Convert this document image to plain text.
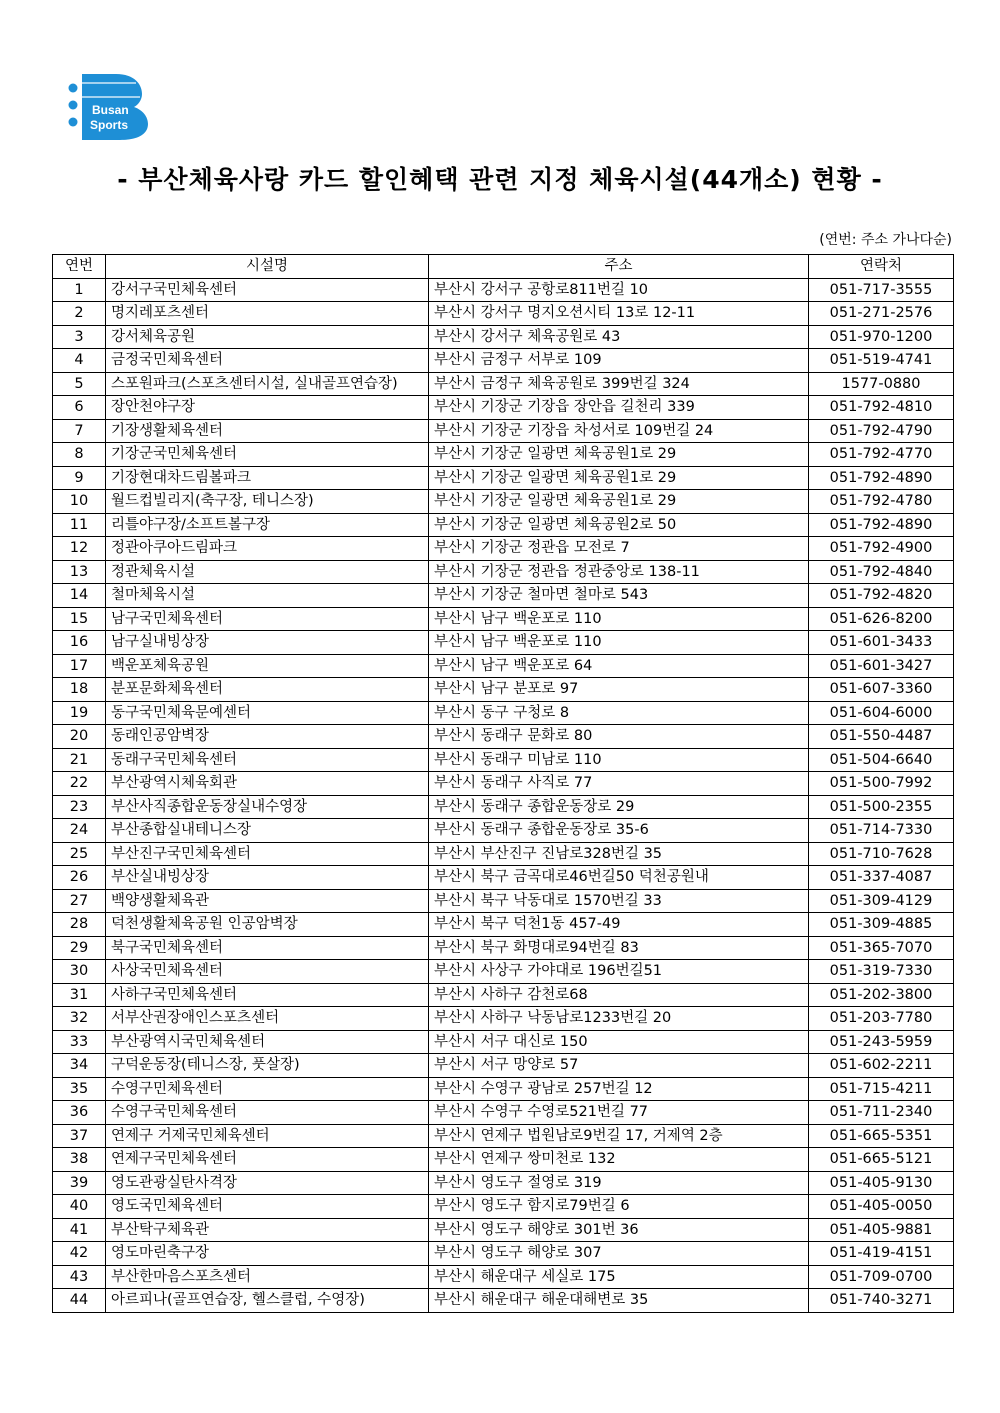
Busan
Sports
- 부산체육사랑 카드 할인혜택 관련 지정 체육시설(44개소) 현황 -
(연번: 주소 가나다순)
연번	시설명	주소	연락처
1	강서구국민체육센터	부산시 강서구 공항로811번길 10	051-717-3555
2	명지레포츠센터	부산시 강서구 명지오션시티 13로 12-11	051-271-2576
3	강서체육공원	부산시 강서구 체육공원로 43	051-970-1200
4	금정국민체육센터	부산시 금정구 서부로 109	051-519-4741
5	스포원파크(스포츠센터시설, 실내골프연습장)	부산시 금정구 체육공원로 399번길 324	1577-0880
6	장안천야구장	부산시 기장군 기장읍 장안읍 길천리 339	051-792-4810
7	기장생활체육센터	부산시 기장군 기장읍 차성서로 109번길 24	051-792-4790
8	기장군국민체육센터	부산시 기장군 일광면 체육공원1로 29	051-792-4770
9	기장현대차드림볼파크	부산시 기장군 일광면 체육공원1로 29	051-792-4890
10	월드컵빌리지(축구장, 테니스장)	부산시 기장군 일광면 체육공원1로 29	051-792-4780
11	리틀야구장/소프트볼구장	부산시 기장군 일광면 체육공원2로 50	051-792-4890
12	정관아쿠아드림파크	부산시 기장군 정관읍 모전로 7	051-792-4900
13	정관체육시설	부산시 기장군 정관읍 정관중앙로 138-11	051-792-4840
14	철마체육시설	부산시 기장군 철마면 철마로 543	051-792-4820
15	남구국민체육센터	부산시 남구 백운포로 110	051-626-8200
16	남구실내빙상장	부산시 남구 백운포로 110	051-601-3433
17	백운포체육공원	부산시 남구 백운포로 64	051-601-3427
18	분포문화체육센터	부산시 남구 분포로 97	051-607-3360
19	동구국민체육문예센터	부산시 동구 구청로 8	051-604-6000
20	동래인공암벽장	부산시 동래구 문화로 80	051-550-4487
21	동래구국민체육센터	부산시 동래구 미남로 110	051-504-6640
22	부산광역시체육회관	부산시 동래구 사직로 77	051-500-7992
23	부산사직종합운동장실내수영장	부산시 동래구 종합운동장로 29	051-500-2355
24	부산종합실내테니스장	부산시 동래구 종합운동장로 35-6	051-714-7330
25	부산진구국민체육센터	부산시 부산진구 진남로328번길 35	051-710-7628
26	부산실내빙상장	부산시 북구 금곡대로46번길50 덕천공원내	051-337-4087
27	백양생활체육관	부산시 북구 낙동대로 1570번길 33	051-309-4129
28	덕천생활체육공원 인공암벽장	부산시 북구 덕천1동 457-49	051-309-4885
29	북구국민체육센터	부산시 북구 화명대로94번길 83	051-365-7070
30	사상국민체육센터	부산시 사상구 가야대로 196번길51	051-319-7330
31	사하구국민체육센터	부산시 사하구 감천로68	051-202-3800
32	서부산권장애인스포츠센터	부산시 사하구 낙동남로1233번길 20	051-203-7780
33	부산광역시국민체육센터	부산시 서구 대신로 150	051-243-5959
34	구덕운동장(테니스장, 풋살장)	부산시 서구 망양로 57	051-602-2211
35	수영구민체육센터	부산시 수영구 광남로 257번길 12	051-715-4211
36	수영구국민체육센터	부산시 수영구 수영로521번길 77	051-711-2340
37	연제구 거제국민체육센터	부산시 연제구 법원남로9번길 17, 거제역 2층	051-665-5351
38	연제구국민체육센터	부산시 연제구 쌍미천로 132	051-665-5121
39	영도관광실탄사격장	부산시 영도구 절영로 319	051-405-9130
40	영도국민체육센터	부산시 영도구 함지로79번길 6	051-405-0050
41	부산탁구체육관	부산시 영도구 해양로 301번 36	051-405-9881
42	영도마린축구장	부산시 영도구 해양로 307	051-419-4151
43	부산한마음스포츠센터	부산시 해운대구 세실로 175	051-709-0700
44	아르피나(골프연습장, 헬스클럽, 수영장)	부산시 해운대구 해운대해변로 35	051-740-3271
